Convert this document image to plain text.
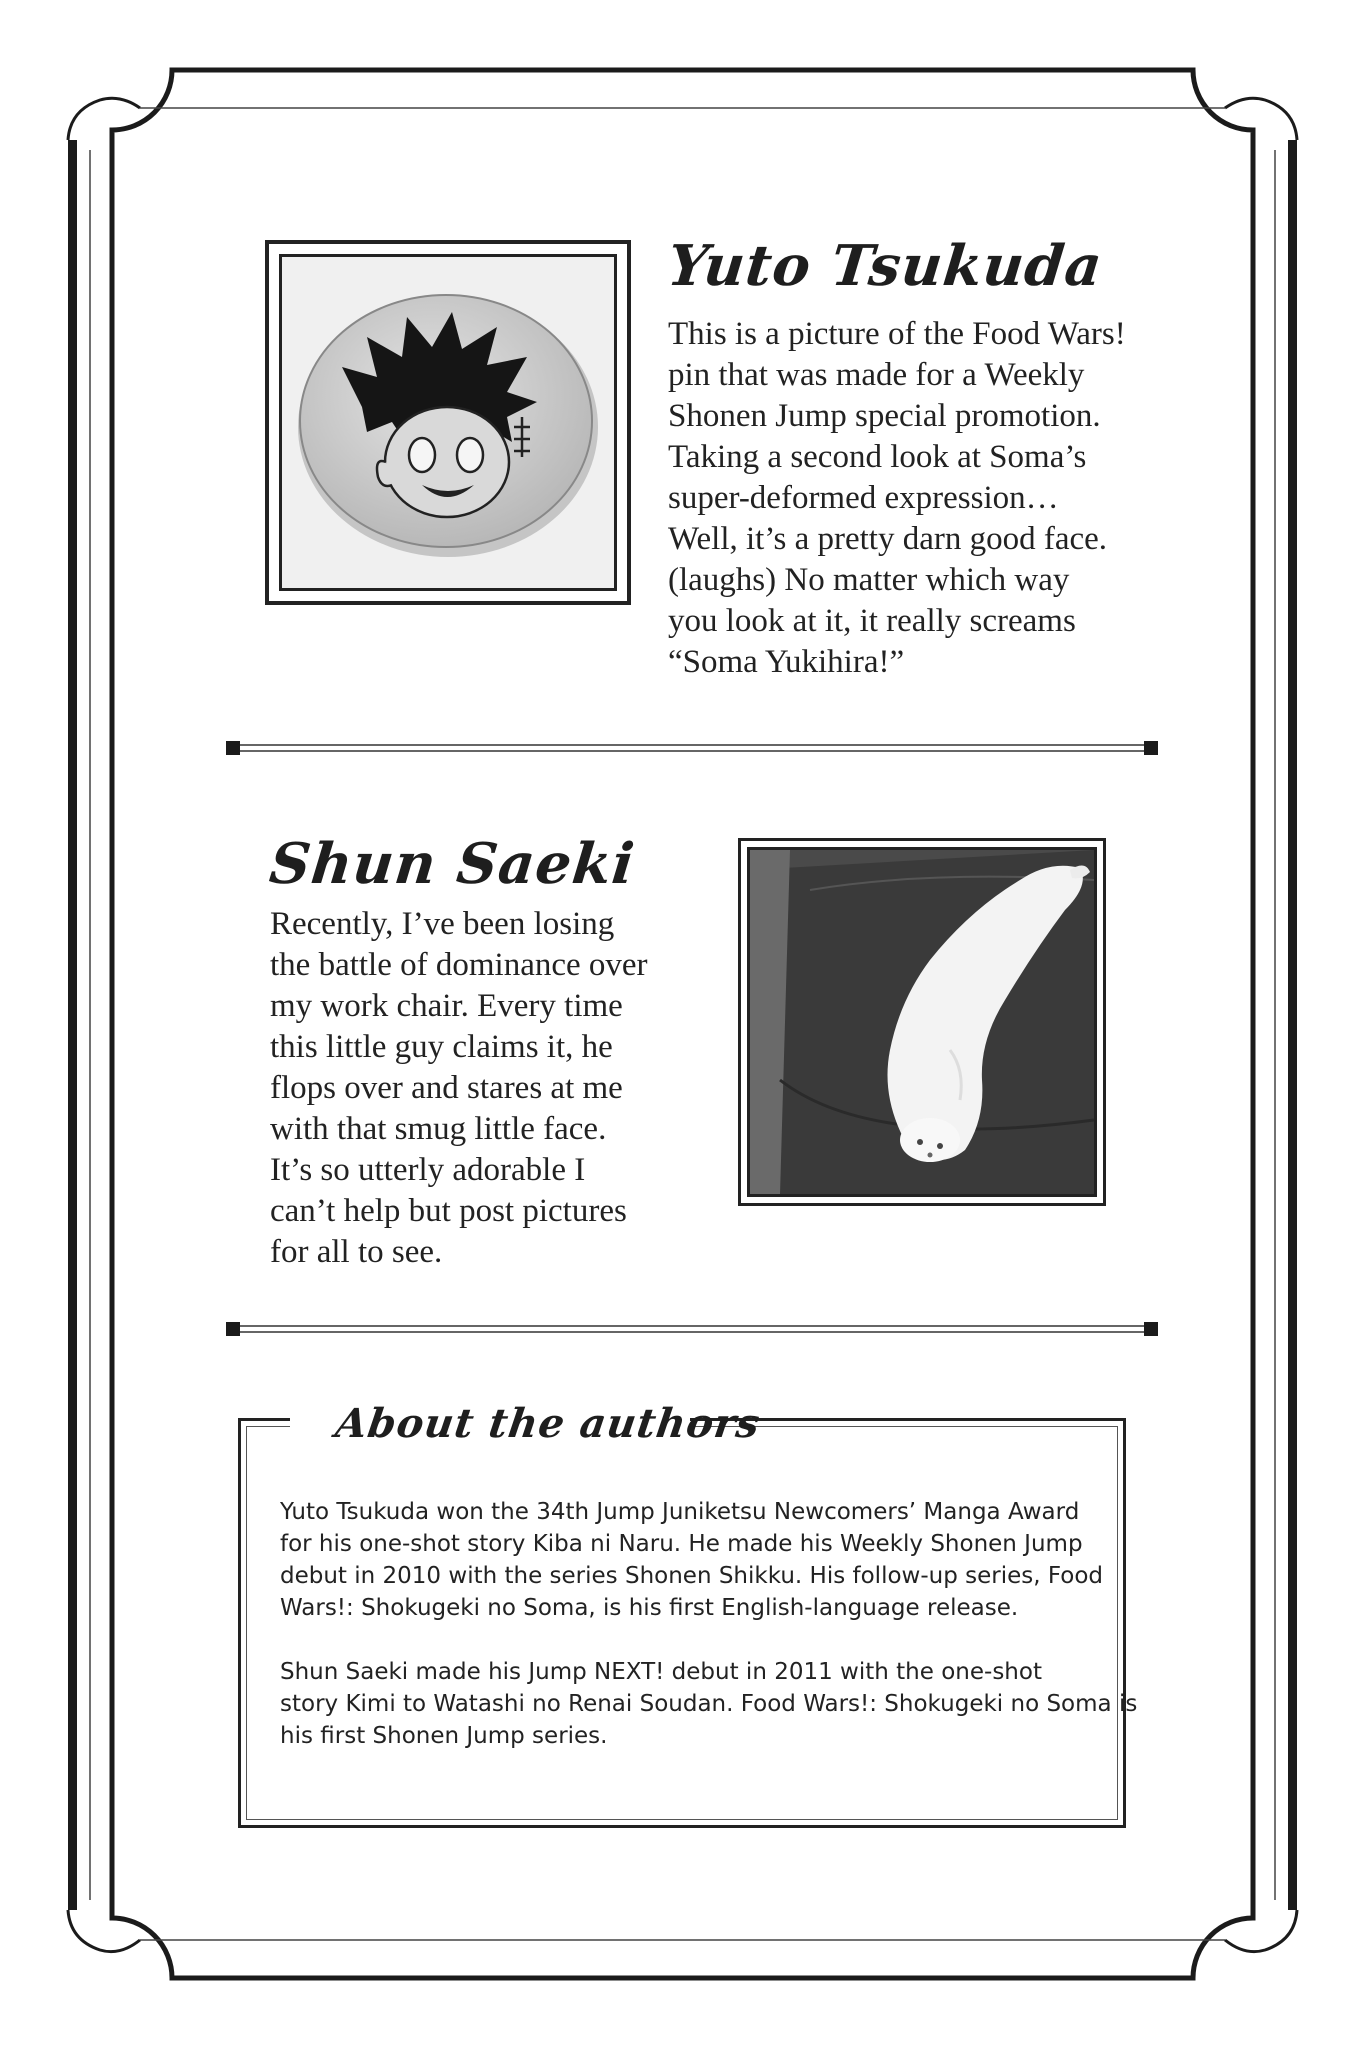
Yuto Tsukuda

This is a picture of the Food Wars!
pin that was made for a Weekly
Shonen Jump special promotion.
Taking a second look at Soma’s
super-deformed expression…
Well, it’s a pretty darn good face.
(laughs) No matter which way
you look at it, it really screams
“Soma Yukihira!”

Shun Saeki

Recently, I’ve been losing
the battle of dominance over
my work chair. Every time
this little guy claims it, he
flops over and stares at me
with that smug little face.
It’s so utterly adorable I
can’t help but post pictures
for all to see.

About the authors

Yuto Tsukuda won the 34th Jump Juniketsu Newcomers’ Manga Award
for his one-shot story Kiba ni Naru. He made his Weekly Shonen Jump
debut in 2010 with the series Shonen Shikku. His follow-up series, Food
Wars!: Shokugeki no Soma, is his first English-language release.

Shun Saeki made his Jump NEXT! debut in 2011 with the one-shot
story Kimi to Watashi no Renai Soudan. Food Wars!: Shokugeki no Soma is
his first Shonen Jump series.
